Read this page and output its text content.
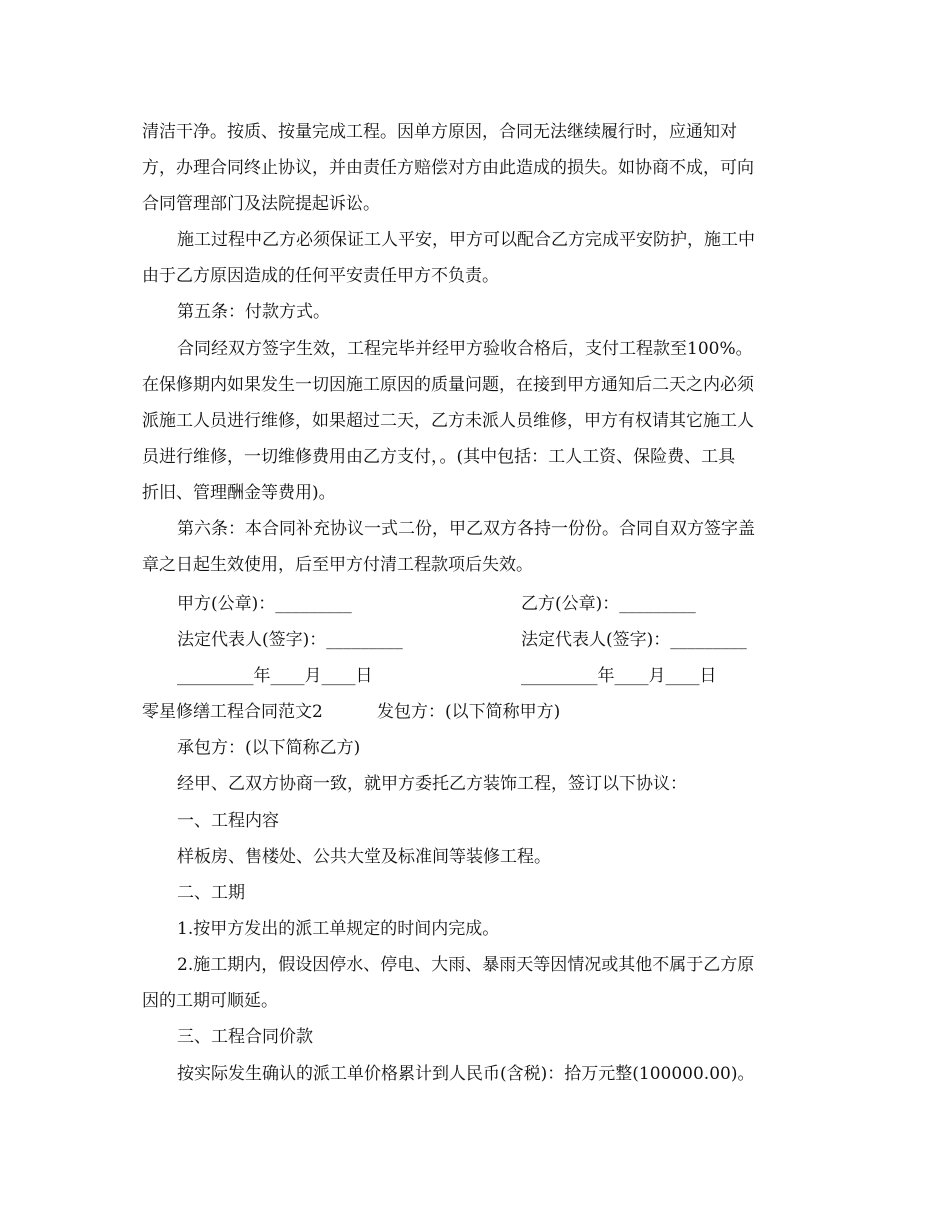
清洁干净。按质、按量完成工程。因单方原因，合同无法继续履行时，应通知对
方，办理合同终止协议，并由责任方赔偿对方由此造成的损失。如协商不成，可向
合同管理部门及法院提起诉讼。
施工过程中乙方必须保证工人平安，甲方可以配合乙方完成平安防护，施工中
由于乙方原因造成的任何平安责任甲方不负责。
第五条：付款方式。
合同经双方签字生效，工程完毕并经甲方验收合格后，支付工程款至100%。
在保修期内如果发生一切因施工原因的质量问题，在接到甲方通知后二天之内必须
派施工人员进行维修，如果超过二天，乙方未派人员维修，甲方有权请其它施工人
员进行维修，一切维修费用由乙方支付，。(其中包括：工人工资、保险费、工具
折旧、管理酬金等费用)。
第六条：本合同补充协议一式二份，甲乙双方各持一份份。合同自双方签字盖
章之日起生效使用，后至甲方付清工程款项后失效。
甲方(公章)：_________	乙方(公章)：_________
法定代表人(签字)：_________	法定代表人(签字)：_________
_________年____月____日	_________年____月____日
零星修缮工程合同范文2	发包方：(以下简称甲方)
承包方：(以下简称乙方)
经甲、乙双方协商一致，就甲方委托乙方装饰工程，签订以下协议：
一、工程内容
样板房、售楼处、公共大堂及标准间等装修工程。
二、工期
1.按甲方发出的派工单规定的时间内完成。
2.施工期内，假设因停水、停电、大雨、暴雨天等因情况或其他不属于乙方原
因的工期可顺延。
三、工程合同价款
按实际发生确认的派工单价格累计到人民币(含税)：拾万元整(100000.00)。
